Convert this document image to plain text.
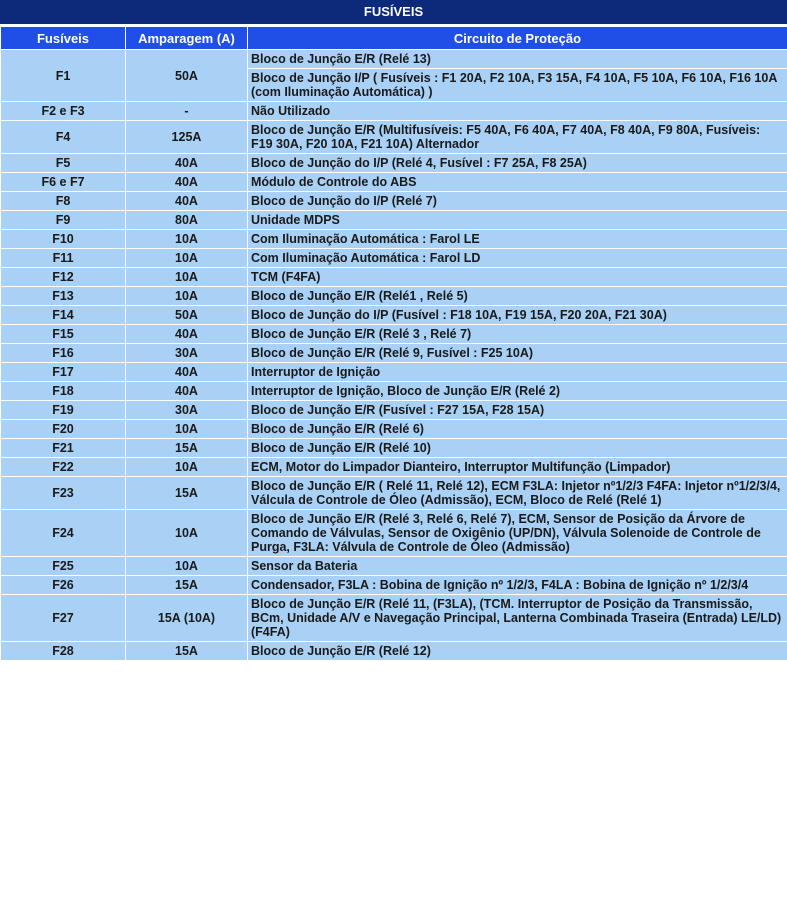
FUSÍVEIS
Fusíveis	Amparagem (A)	Circuito de Proteção
F1	50A	Bloco de Junção E/R (Relé 13)
		Bloco de Junção I/P ( Fusíveis : F1 20A, F2 10A, F3 15A, F4 10A, F5 10A, F6 10A, F16 10A (com Iluminação Automática) )
F2 e F3	-	Não Utilizado
F4	125A	Bloco de Junção E/R (Multifusíveis: F5 40A, F6 40A, F7 40A, F8 40A, F9 80A, Fusíveis: F19 30A, F20 10A, F21 10A) Alternador
F5	40A	Bloco de Junção do I/P (Relé 4, Fusível : F7 25A, F8 25A)
F6 e F7	40A	Módulo de Controle do ABS
F8	40A	Bloco de Junção do I/P (Relé 7)
F9	80A	Unidade MDPS
F10	10A	Com Iluminação Automática : Farol LE
F11	10A	Com Iluminação Automática : Farol LD
F12	10A	TCM (F4FA)
F13	10A	Bloco de Junção E/R (Relé1 , Relé 5)
F14	50A	Bloco de Junção do I/P (Fusível : F18 10A, F19 15A, F20 20A, F21 30A)
F15	40A	Bloco de Junção E/R (Relé 3 , Relé 7)
F16	30A	Bloco de Junção E/R (Relé 9, Fusível : F25 10A)
F17	40A	Interruptor de Ignição
F18	40A	Interruptor de Ignição, Bloco de Junção E/R (Relé 2)
F19	30A	Bloco de Junção E/R (Fusível : F27 15A, F28 15A)
F20	10A	Bloco de Junção E/R (Relé 6)
F21	15A	Bloco de Junção E/R (Relé 10)
F22	10A	ECM, Motor do Limpador Dianteiro, Interruptor Multifunção (Limpador)
F23	15A	Bloco de Junção E/R ( Relé 11, Relé 12), ECM F3LA: Injetor nº1/2/3 F4FA: Injetor nº1/2/3/4, Válcula de Controle de Óleo (Admissão), ECM, Bloco de Relé (Relé 1)
F24	10A	Bloco de Junção E/R (Relé 3, Relé 6, Relé 7), ECM, Sensor de Posição da Árvore de Comando de Válvulas, Sensor de Oxigênio (UP/DN), Válvula Solenoide de Controle de Purga, F3LA: Válvula de Controle de Óleo (Admissão)
F25	10A	Sensor da Bateria
F26	15A	Condensador, F3LA : Bobina de Ignição nº 1/2/3, F4LA : Bobina de Ignição nº 1/2/3/4
F27	15A (10A)	Bloco de Junção E/R (Relé 11, (F3LA), (TCM. Interruptor de Posição da Transmissão, BCm, Unidade A/V e Navegação Principal, Lanterna Combinada Traseira (Entrada) LE/LD) (F4FA)
F28	15A	Bloco de Junção E/R (Relé 12)
